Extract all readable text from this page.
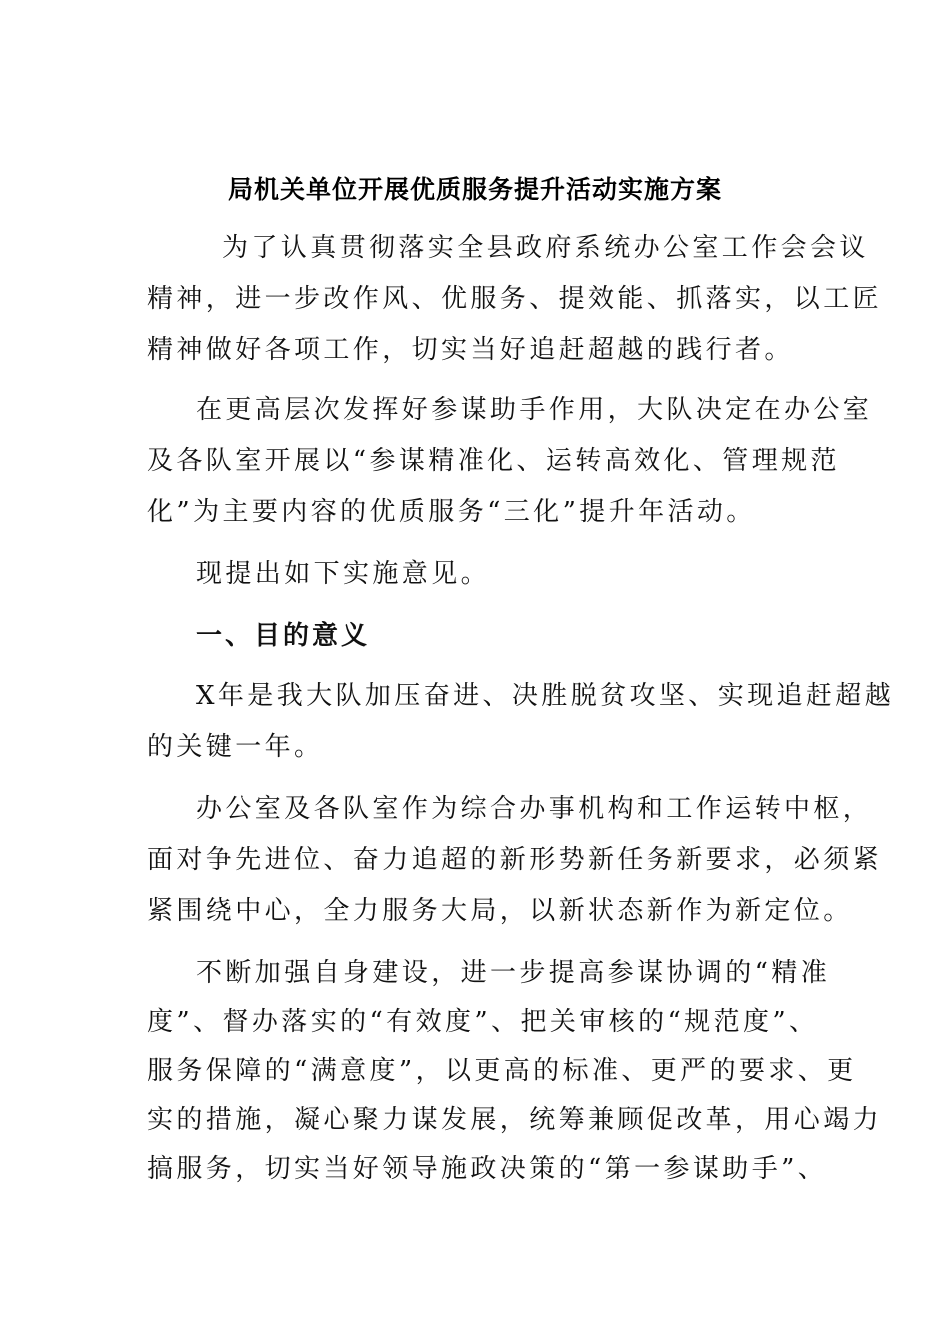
局机关单位开展优质服务提升活动实施方案
为了认真贯彻落实全县政府系统办公室工作会会议
精神，进一步改作风、优服务、提效能、抓落实，以工匠
精神做好各项工作，切实当好追赶超越的践行者。
在更高层次发挥好参谋助手作用，大队决定在办公室
及各队室开展以“参谋精准化、运转高效化、管理规范
化”为主要内容的优质服务“三化”提升年活动。
现提出如下实施意见。
一、目的意义
X年是我大队加压奋进、决胜脱贫攻坚、实现追赶超越
的关键一年。
办公室及各队室作为综合办事机构和工作运转中枢，
面对争先进位、奋力追超的新形势新任务新要求，必须紧
紧围绕中心，全力服务大局，以新状态新作为新定位。
不断加强自身建设，进一步提高参谋协调的“精准
度”、督办落实的“有效度”、把关审核的“规范度”、
服务保障的“满意度”，以更高的标准、更严的要求、更
实的措施，凝心聚力谋发展，统筹兼顾促改革，用心竭力
搞服务，切实当好领导施政决策的“第一参谋助手”、
